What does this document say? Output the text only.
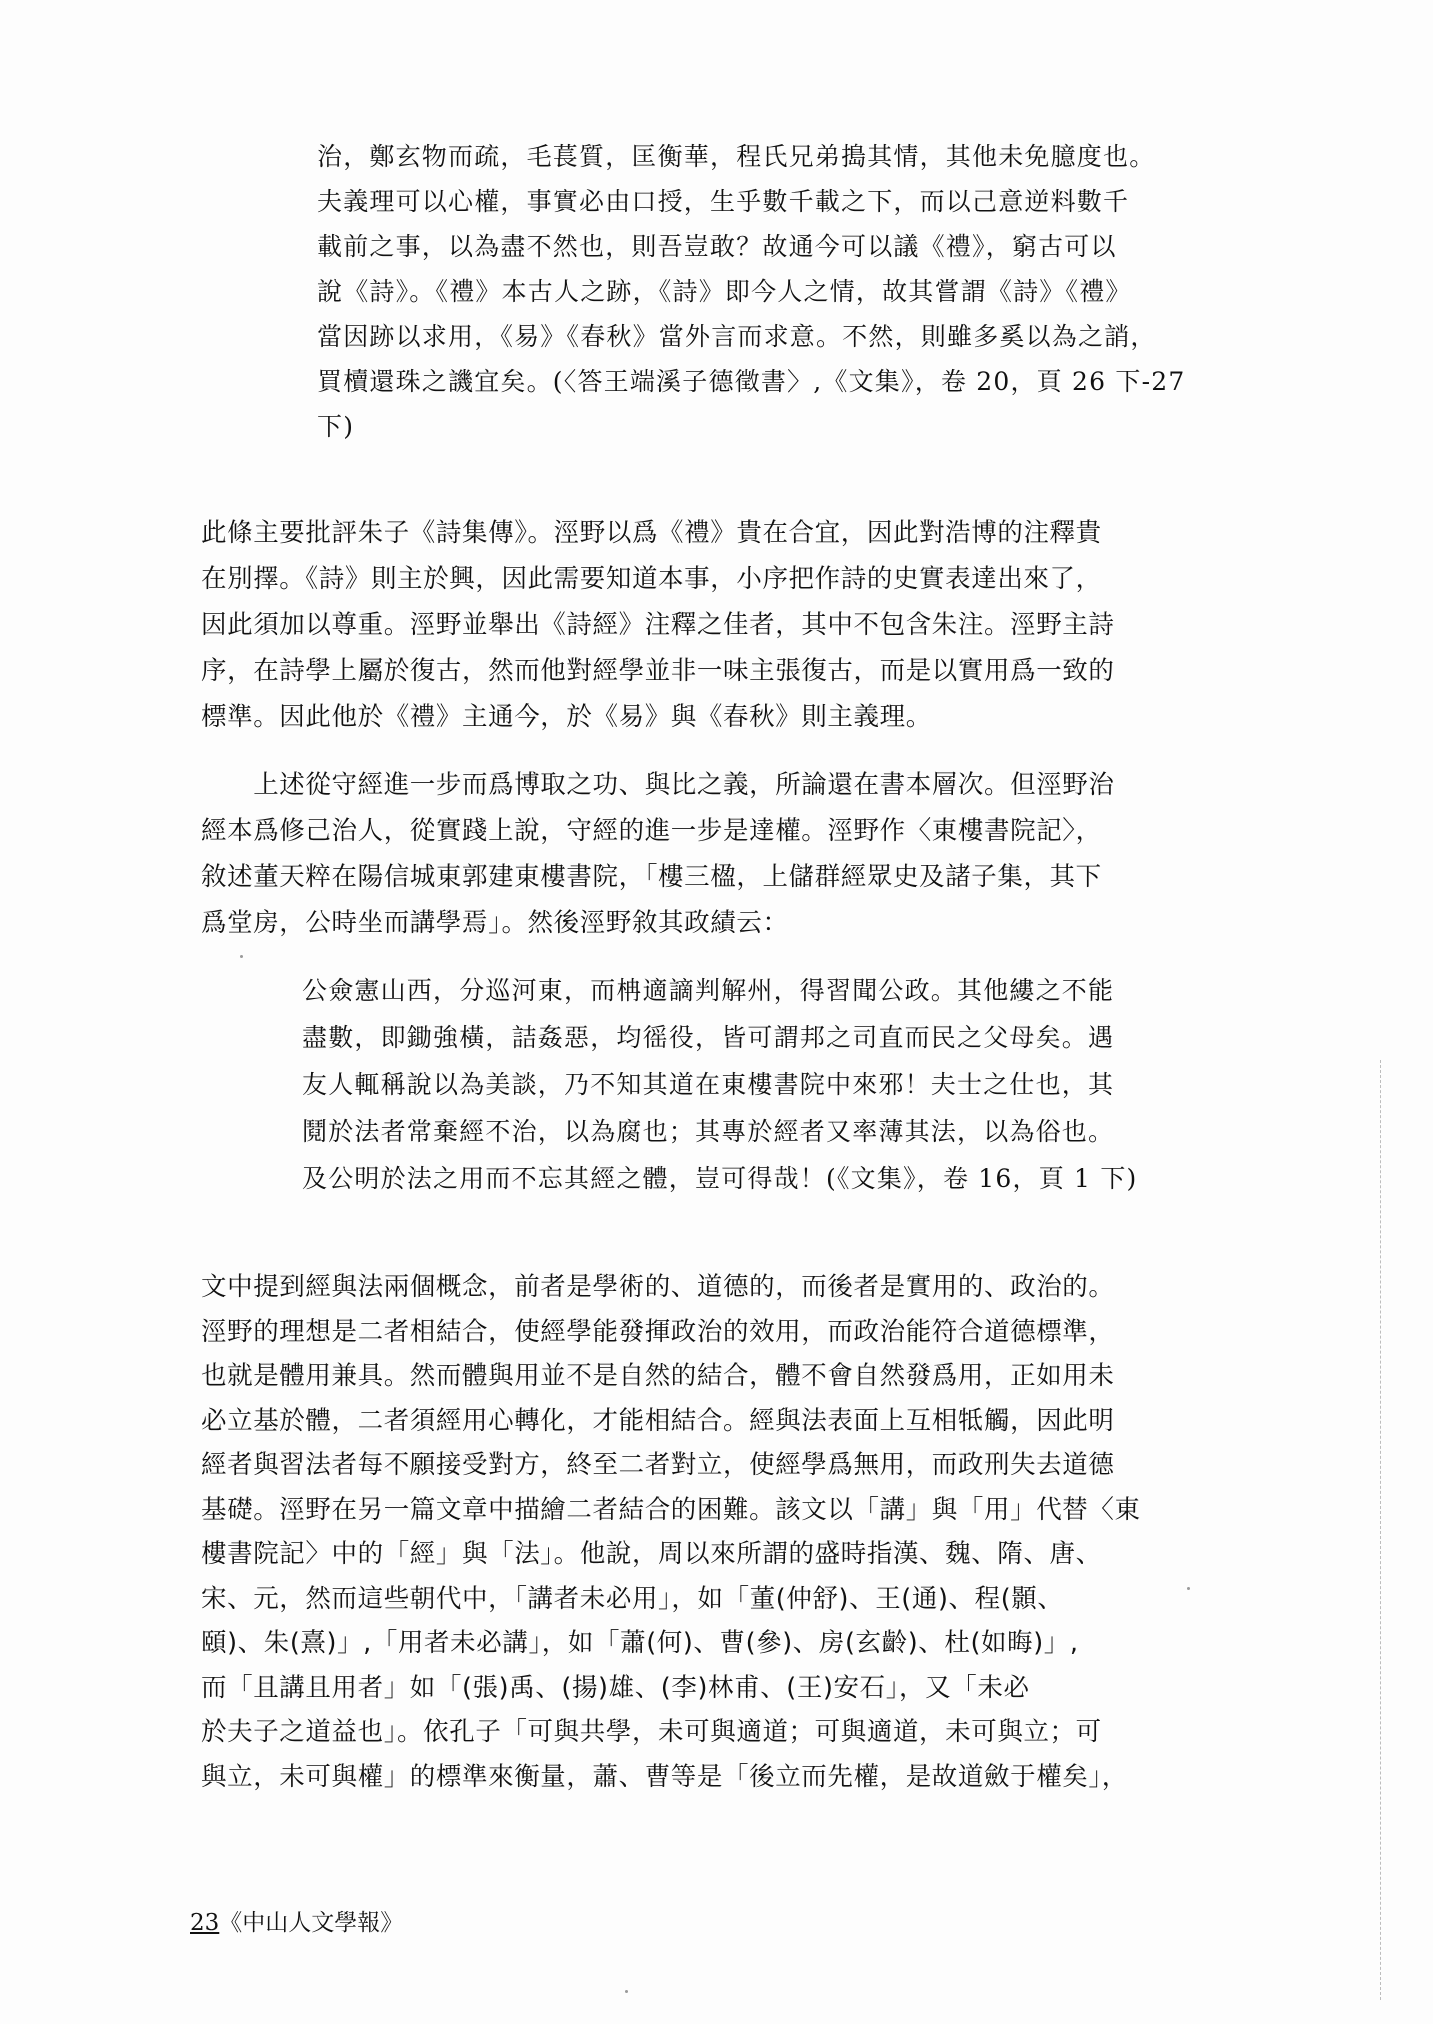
治，鄭玄物而疏，毛萇質，匡衡華，程氏兄弟搗其情，其他未免臆度也。
夫義理可以心權，事實必由口授，生乎數千載之下，而以己意逆料數千
載前之事，以為盡不然也，則吾豈敢？故通今可以議《禮》，窮古可以
說《詩》。《禮》本古人之跡，《詩》即今人之情，故其嘗謂《詩》《禮》
當因跡以求用，《易》《春秋》當外言而求意。不然，則雖多奚以為之誚，
買櫝還珠之譏宜矣。(〈答王端溪子德徵書〉,《文集》，卷 20，頁 26 下-27
下)
此條主要批評朱子《詩集傳》。涇野以爲《禮》貴在合宜，因此對浩博的注釋貴
在別擇。《詩》則主於興，因此需要知道本事，小序把作詩的史實表達出來了，
因此須加以尊重。涇野並舉出《詩經》注釋之佳者，其中不包含朱注。涇野主詩
序，在詩學上屬於復古，然而他對經學並非一味主張復古，而是以實用爲一致的
標準。因此他於《禮》主通今，於《易》與《春秋》則主義理。
　　上述從守經進一步而爲博取之功、與比之義，所論還在書本層次。但涇野治
經本爲修己治人，從實踐上說，守經的進一步是達權。涇野作〈東樓書院記〉，
敘述董天粹在陽信城東郭建東樓書院，「樓三楹，上儲群經眾史及諸子集，其下
爲堂房，公時坐而講學焉」。然後涇野敘其政績云：
公僉憲山西，分巡河東，而柟適謫判解州，得習聞公政。其他縷之不能
盡數，即鋤強橫，詰姦惡，均徭役，皆可謂邦之司直而民之父母矣。遇
友人輒稱說以為美談，乃不知其道在東樓書院中來邪！夫士之仕也，其
鬩於法者常棄經不治，以為腐也；其專於經者又率薄其法，以為俗也。
及公明於法之用而不忘其經之體，豈可得哉！(《文集》，卷 16，頁 1 下)
文中提到經與法兩個概念，前者是學術的、道德的，而後者是實用的、政治的。
涇野的理想是二者相結合，使經學能發揮政治的效用，而政治能符合道德標準，
也就是體用兼具。然而體與用並不是自然的結合，體不會自然發爲用，正如用未
必立基於體，二者須經用心轉化，才能相結合。經與法表面上互相牴觸，因此明
經者與習法者每不願接受對方，終至二者對立，使經學爲無用，而政刑失去道德
基礎。涇野在另一篇文章中描繪二者結合的困難。該文以「講」與「用」代替〈東
樓書院記〉中的「經」與「法」。他說，周以來所謂的盛時指漢、魏、隋、唐、
宋、元，然而這些朝代中，「講者未必用」，如「董(仲舒)、王(通)、程(顥、
頤)、朱(熹)」,「用者未必講」，如「蕭(何)、曹(參)、房(玄齡)、杜(如晦)」,
而「且講且用者」如「(張)禹、(揚)雄、(李)林甫、(王)安石」，又「未必
於夫子之道益也」。依孔子「可與共學，未可與適道；可與適道，未可與立；可
與立，未可與權」的標準來衡量，蕭、曹等是「後立而先權，是故道斂于權矣」，
23《中山人文學報》
